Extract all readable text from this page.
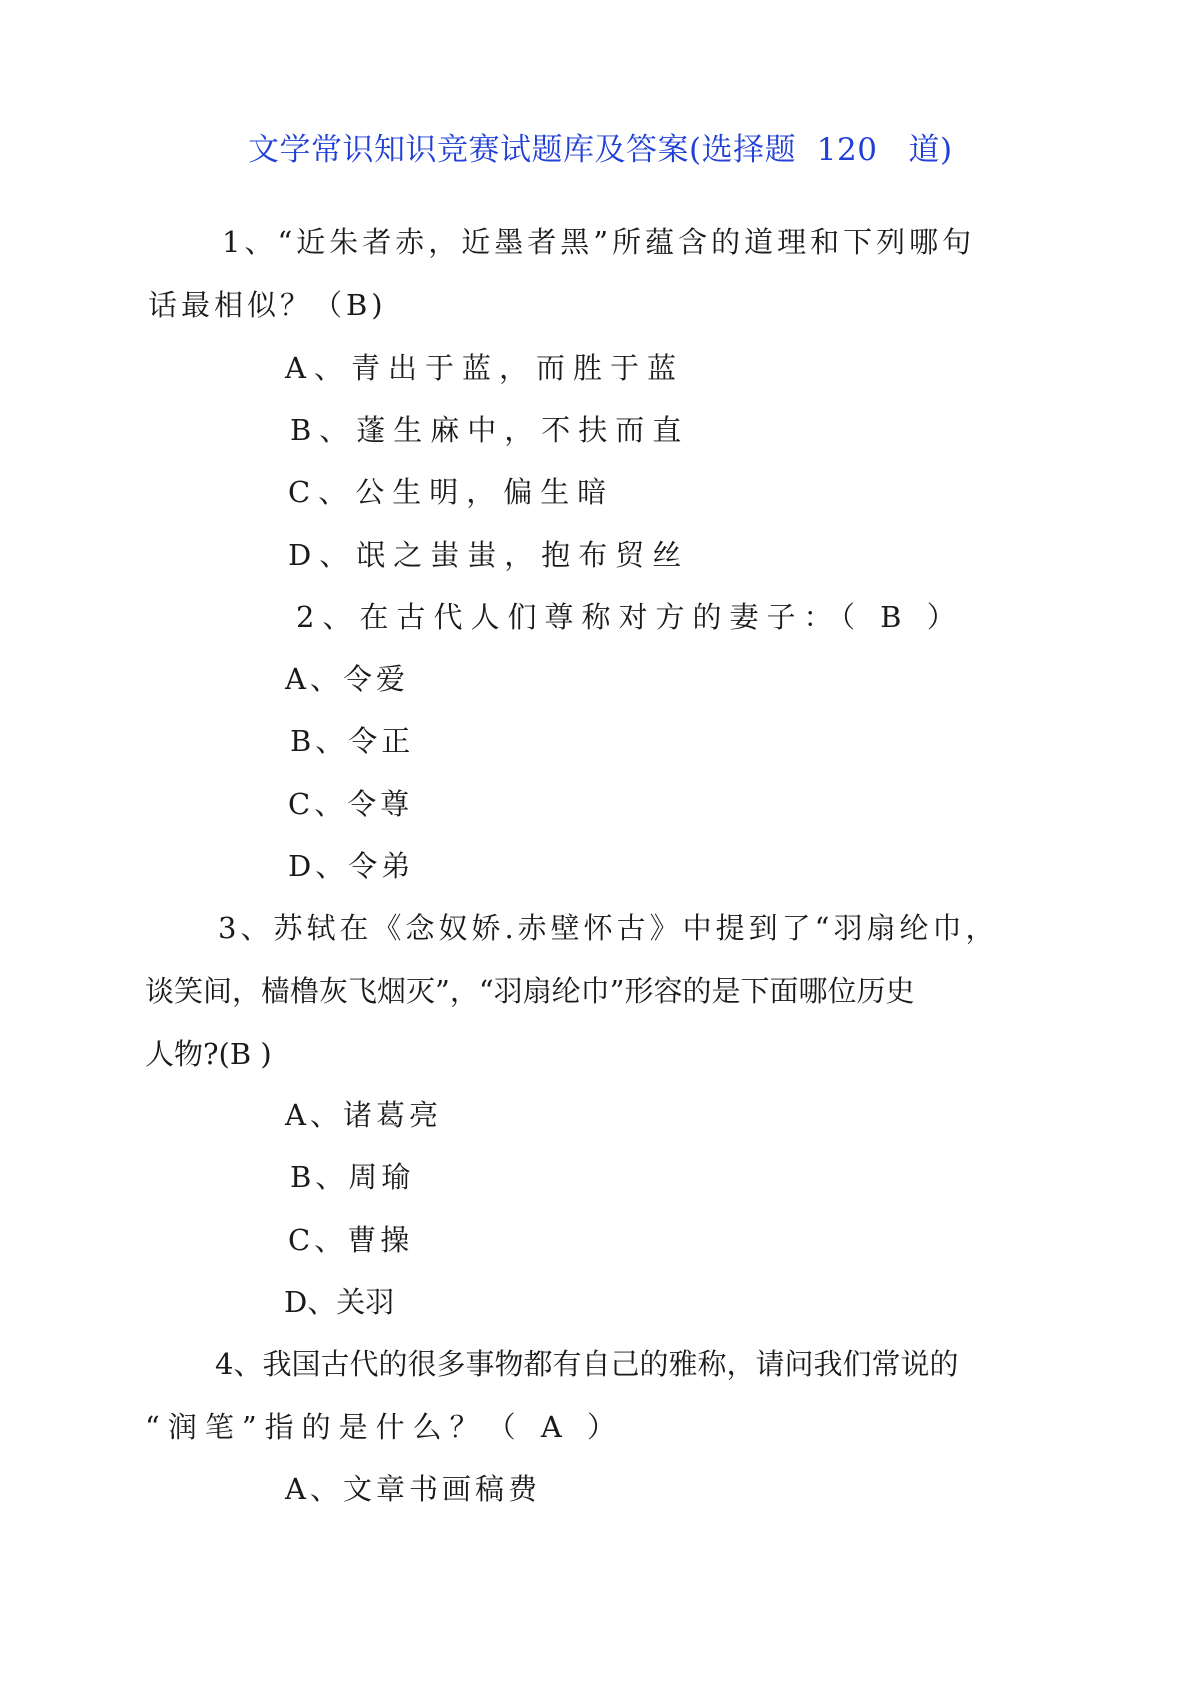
文学常识知识竞赛试题库及答案(选择题  120   道)
1、“近朱者赤，近墨者黑”所蕴含的道理和下列哪句
话最相似？（B)
A、青出于蓝，而胜于蓝
B、蓬生麻中，不扶而直
C、公生明，偏生暗
D、氓之蚩蚩，抱布贸丝
2、在古代人们尊称对方的妻子：（ B ）
A、令爱
B、令正
C、令尊
D、令弟
3、苏轼在《念奴娇.赤壁怀古》中提到了“羽扇纶巾，
谈笑间，樯橹灰飞烟灭”，“羽扇纶巾”形容的是下面哪位历史
人物?(B )
A、诸葛亮
B、周瑜
C、曹操
D、关羽
4、我国古代的很多事物都有自己的雅称，请问我们常说的
“润笔”指的是什么？（ A ）
A、文章书画稿费
